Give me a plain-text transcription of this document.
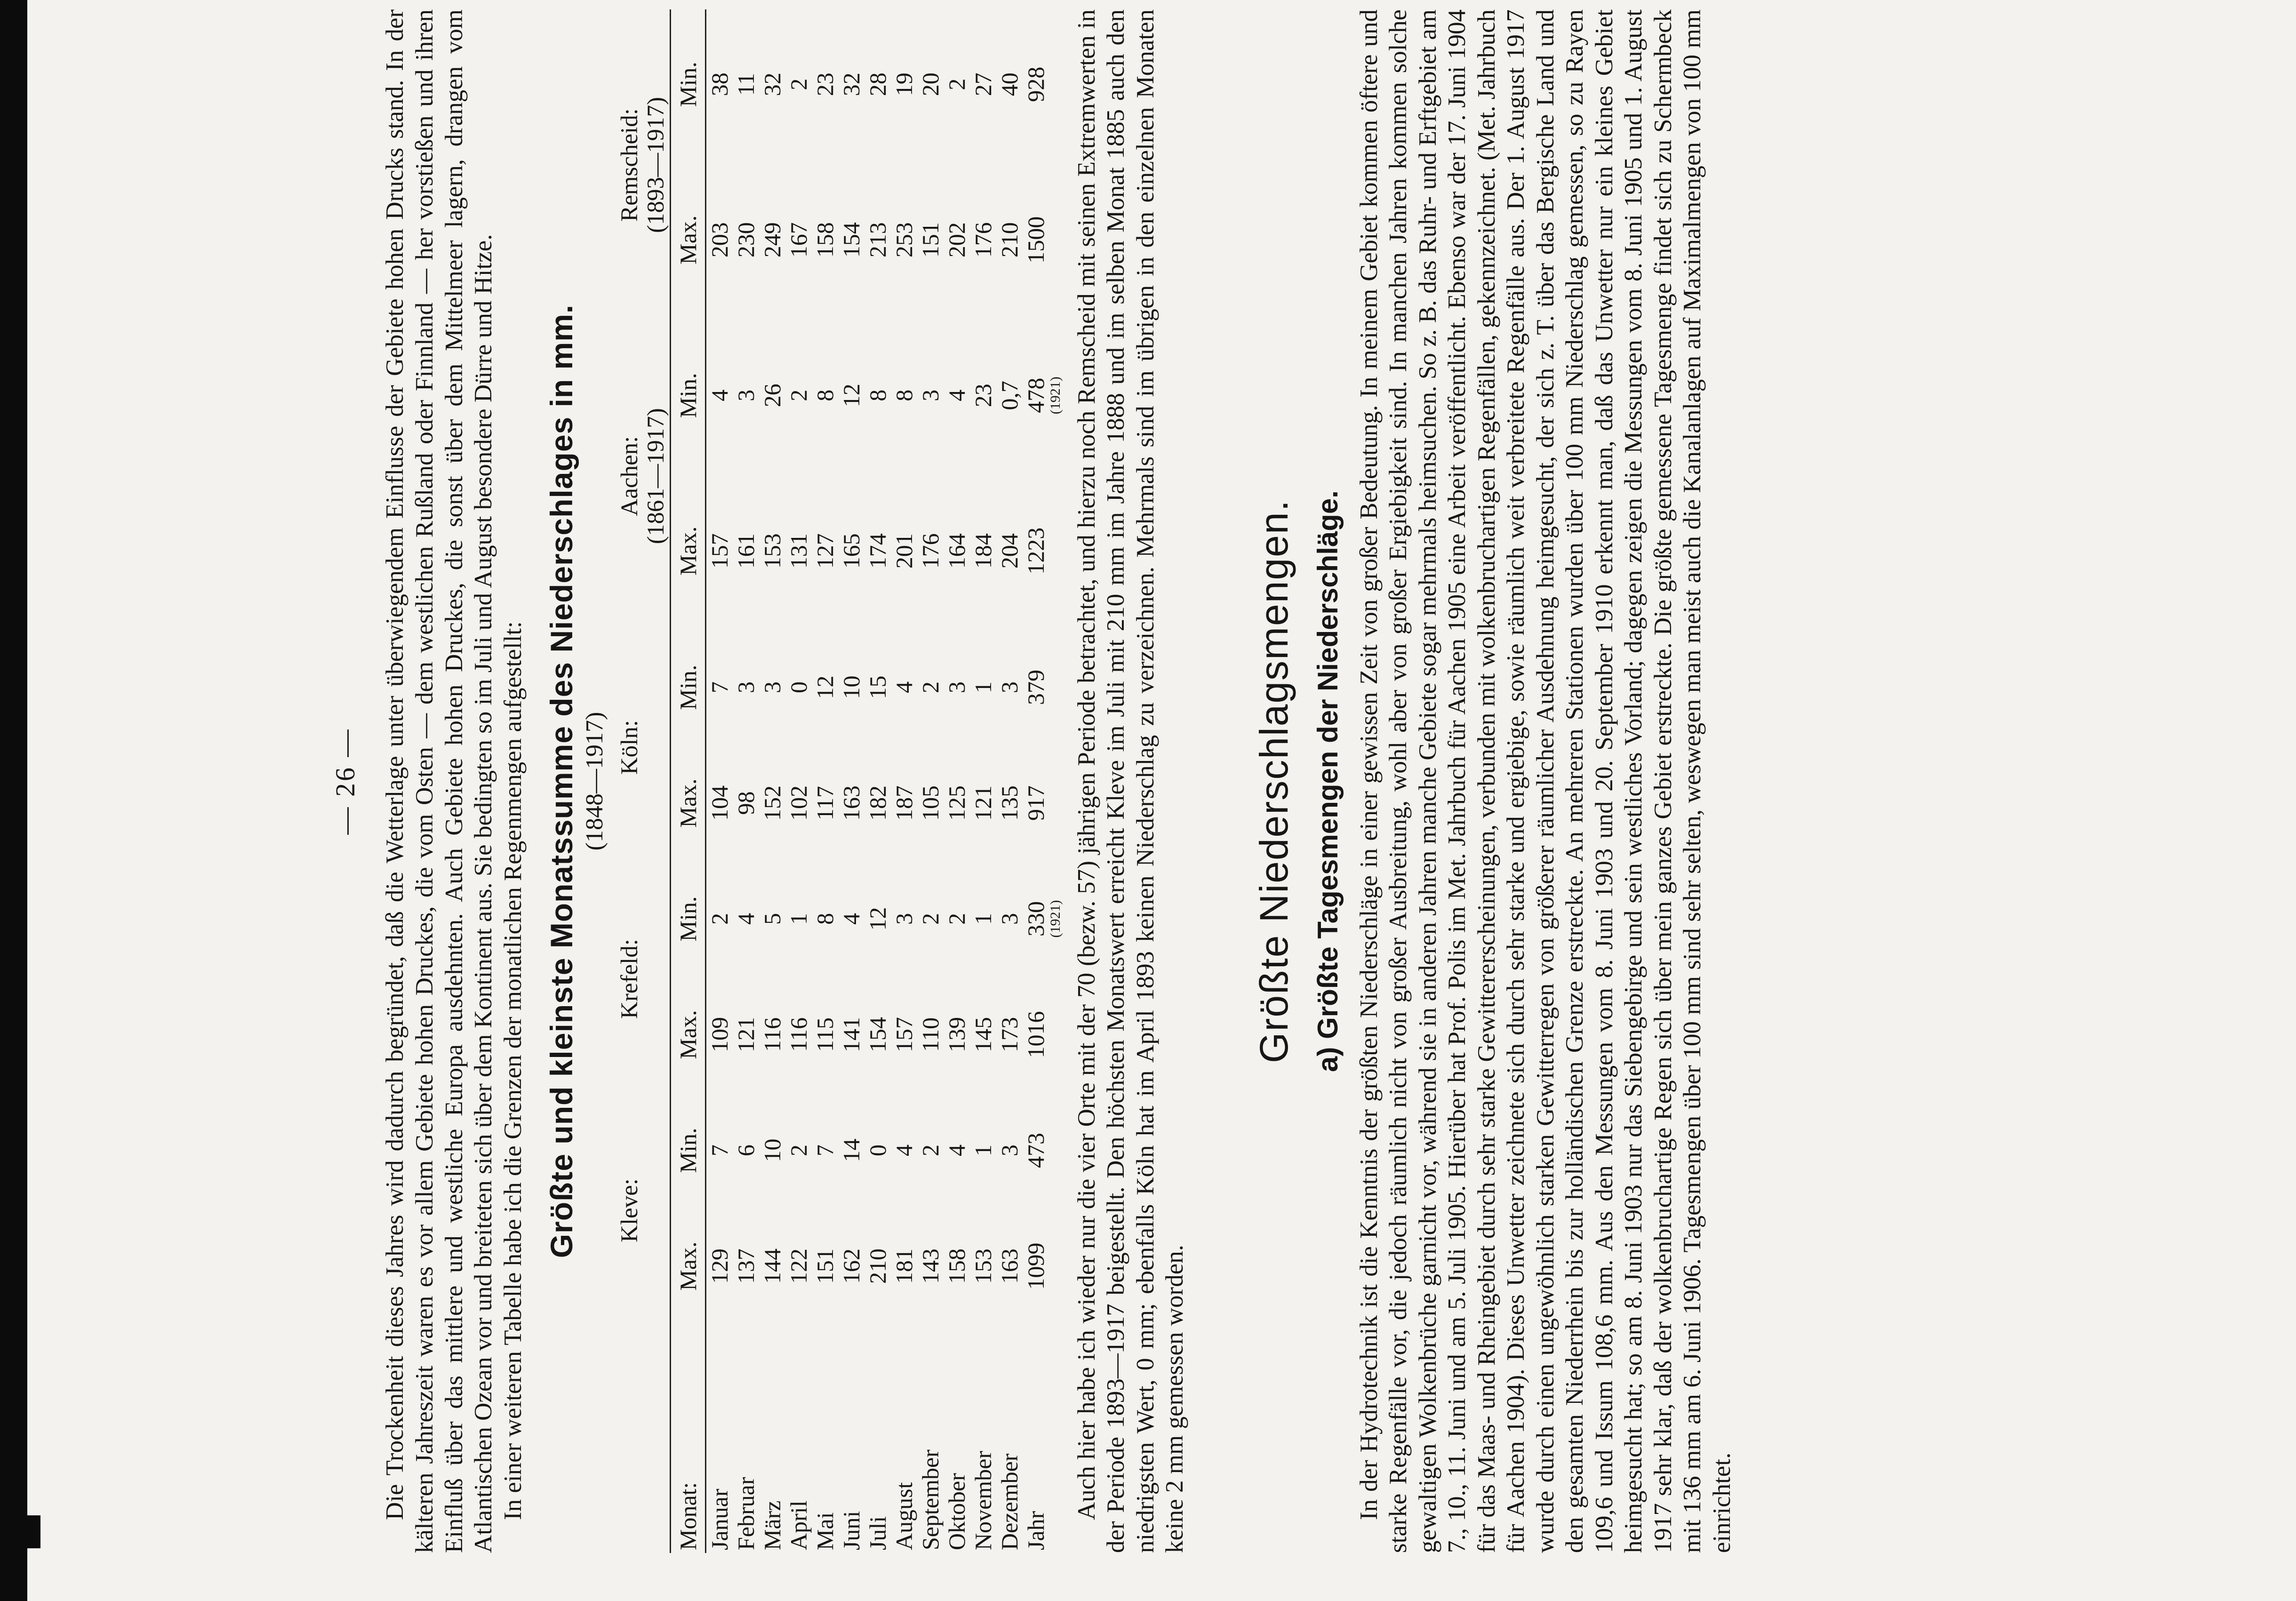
— 26 — Die Trockenheit dieses Jahres wird dadurch begründet, daß die Wetterlage unter überwiegendem Einflusse der Gebiete hohen Drucks stand. In der kälteren Jahreszeit waren es vor allem Gebiete hohen Druckes, die vom Osten — dem westlichen Rußland oder Finnland — her vorstießen und ihren Einfluß über das mittlere und westliche Europa ausdehnten. Auch Gebiete hohen Druckes, die sonst über dem Mittelmeer lagern, drangen vom Atlantischen Ozean vor und breiteten sich über dem Kontinent aus. Sie bedingten so im Juli und August besondere Dürre und Hitze. In einer weiteren Tabelle habe ich die Grenzen der monatlichen Regenmengen aufgestellt: Größte und kleinste Monatssumme des Niederschlages in mm. (1848—1917)
	Kleve:		Krefeld:		Köln:		Aachen:		Remscheid:	
							(1861—1917)		(1893—1917)	
Monat:	Max.	Min.	Max.	Min.	Max.	Min.	Max.	Min.	Max.	Min.
Januar	129	7	109	2	104	7	157	4	203	38
Februar	137	6	121	4	98	3	161	3	230	11
März	144	10	116	5	152	3	153	26	249	32
April	122	2	116	1	102	0	131	2	167	2
Mai	151	7	115	8	117	12	127	8	158	23
Juni	162	14	141	4	163	10	165	12	154	32
Juli	210	0	154	12	182	15	174	8	213	28
August	181	4	157	3	187	4	201	8	253	19
September	143	2	110	2	105	2	176	3	151	20
Oktober	158	4	139	2	125	3	164	4	202	2
November	153	1	145	1	121	1	184	23	176	27
Dezember	163	3	173	3	135	3	204	0,7	210	40
Jahr	1099	473	1016	330	917	379	1223	478	1500	928
				(1921)				(1921)		Auch hier habe ich wieder nur die vier Orte mit der 70 (bezw. 57) jährigen Periode betrachtet, und hierzu noch Remscheid mit seinen Extremwerten in der Periode 1893—1917 beigestellt. Den höchsten Monatswert erreicht Kleve im Juli mit 210 mm im Jahre 1888 und im selben Monat 1885 auch den niedrigsten Wert, 0 mm; ebenfalls Köln hat im April 1893 keinen Niederschlag zu verzeichnen. Mehrmals sind im übrigen in den einzelnen Monaten keine 2 mm gemessen worden.

Größte Niederschlagsmengen. a) Größte Tagesmengen der Niederschläge. In der Hydrotechnik ist die Kenntnis der größten Niederschläge in einer gewissen Zeit von großer Bedeutung. In meinem Gebiet kommen öftere und starke Regenfälle vor, die jedoch räumlich nicht von großer Ausbreitung, wohl aber von großer Ergiebigkeit sind. In manchen Jahren kommen solche gewaltigen Wolkenbrüche garnicht vor, während sie in anderen Jahren manche Gebiete sogar mehrmals heimsuchen. So z. B. das Ruhr- und Erftgebiet am 7., 10., 11. Juni und am 5. Juli 1905. Hierüber hat Prof. Polis im Met. Jahrbuch für Aachen 1905 eine Arbeit veröffentlicht. Ebenso war der 17. Juni 1904 für das Maas- und Rheingebiet durch sehr starke Gewittererscheinungen, verbunden mit wolkenbruchartigen Regenfällen, gekennzeichnet. (Met. Jahrbuch für Aachen 1904). Dieses Unwetter zeichnete sich durch sehr starke und ergiebige, sowie räumlich weit verbreitete Regenfälle aus. Der 1. August 1917 wurde durch einen ungewöhnlich starken Gewitterregen von größerer räumlicher Ausdehnung heimgesucht, der sich z. T. über das Bergische Land und den gesamten Niederrhein bis zur holländischen Grenze erstreckte. An mehreren Stationen wurden über 100 mm Niederschlag gemessen, so zu Rayen 109,6 und Issum 108,6 mm. Aus den Messungen vom 8. Juni 1903 und 20. September 1910 erkennt man, daß das Unwetter nur ein kleines Gebiet heimgesucht hat; so am 8. Juni 1903 nur das Siebengebirge und sein westliches Vorland; dagegen zeigen die Messungen vom 8. Juni 1905 und 1. August 1917 sehr klar, daß der wolkenbruchartige Regen sich über mein ganzes Gebiet erstreckte. Die größte gemessene Tagesmenge findet sich zu Schermbeck mit 136 mm am 6. Juni 1906. Tagesmengen über 100 mm sind sehr selten, weswegen man meist auch die Kanalanlagen auf Maximalmengen von 100 mm einrichtet.
